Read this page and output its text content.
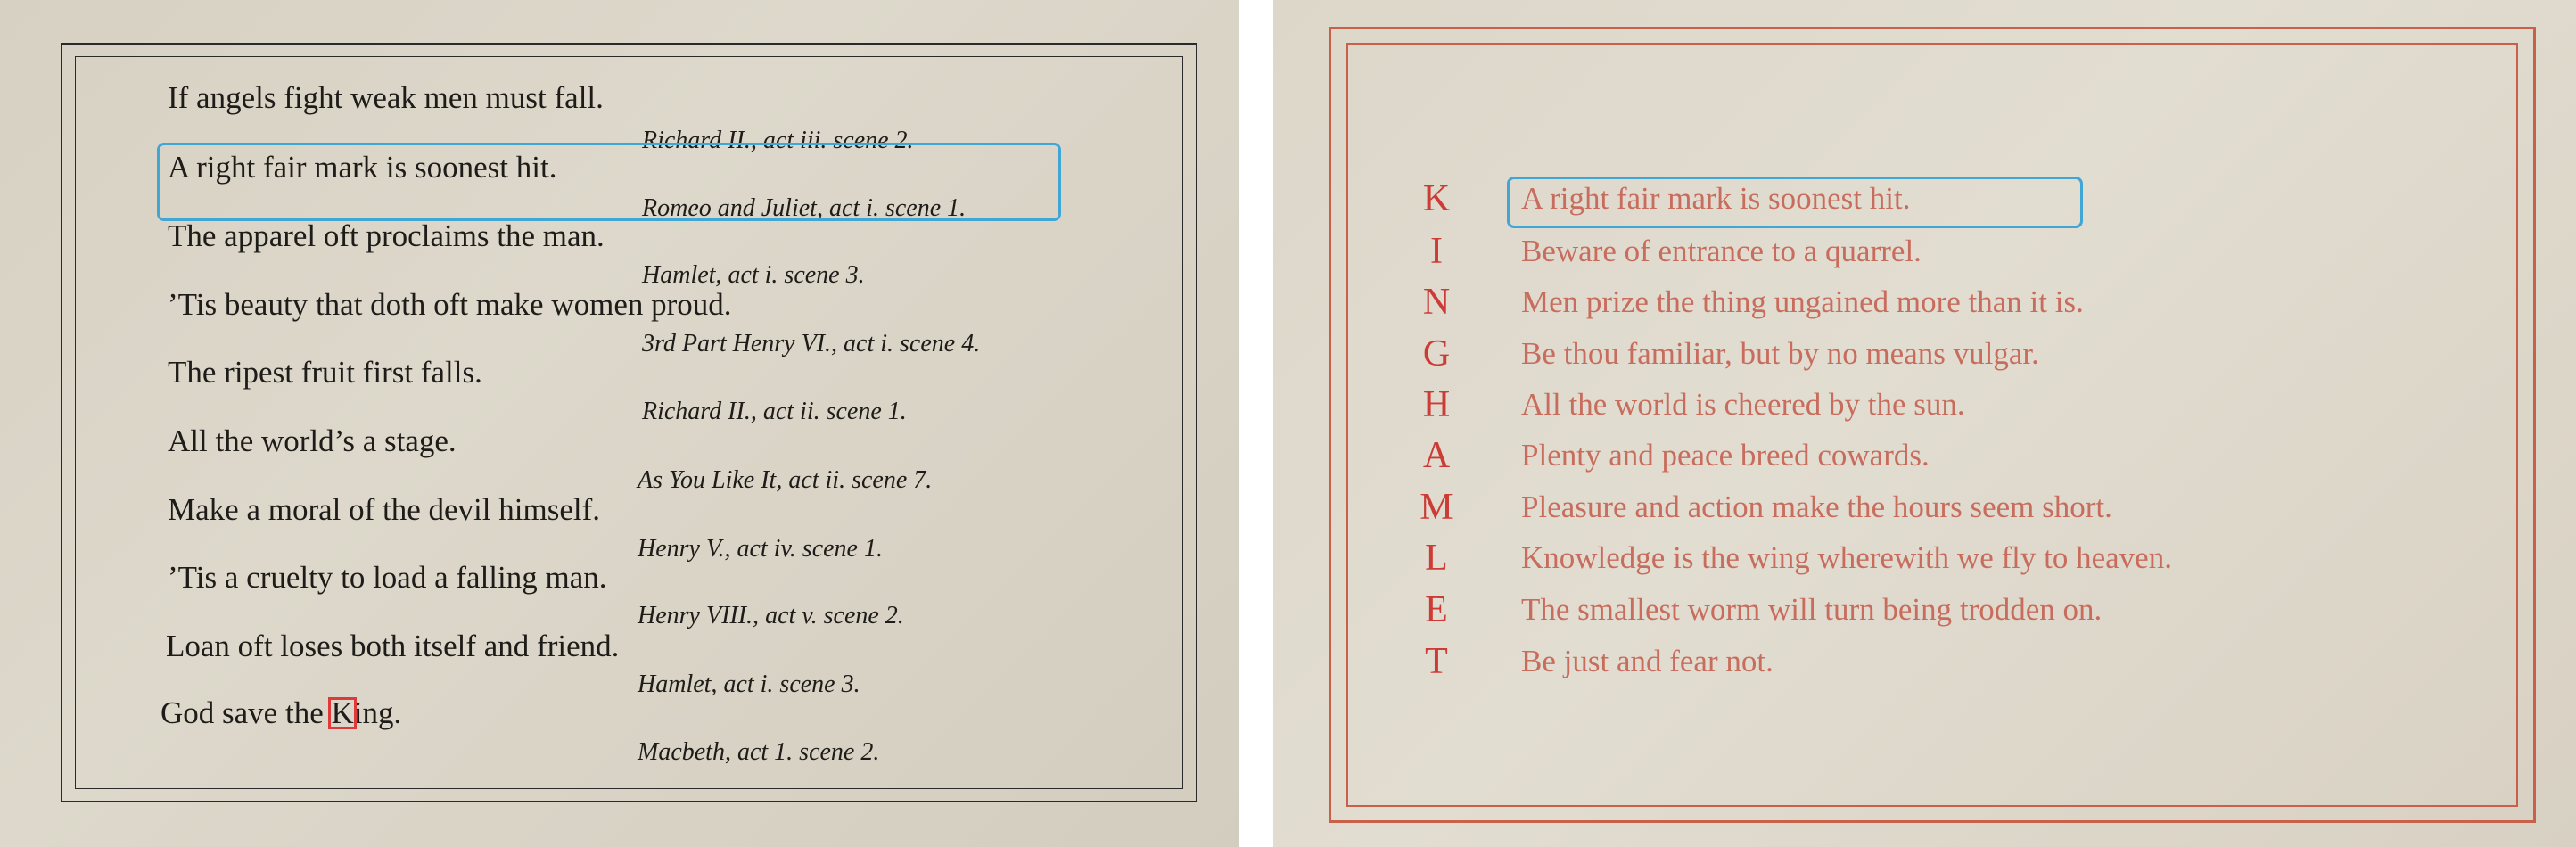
If angels fight weak men must fall.
Richard II., act iii. scene 2.
A right fair mark is soonest hit.
Romeo and Juliet, act i. scene 1.
The apparel oft proclaims the man.
Hamlet, act i. scene 3.
’Tis beauty that doth oft make women proud.
3rd Part Henry VI., act i. scene 4.
The ripest fruit first falls.
Richard II., act ii. scene 1.
All the world’s a stage.
As You Like It, act ii. scene 7.
Make a moral of the devil himself.
Henry V., act iv. scene 1.
’Tis a cruelty to load a falling man.
Henry VIII., act v. scene 2.
Loan oft loses both itself and friend.
Hamlet, act i. scene 3.
God save the K
ing.
Macbeth, act 1. scene 2.
K	A right fair mark is soonest hit.
I	Beware of entrance to a quarrel.
N	Men prize the thing ungained more than it is.
G	Be thou familiar, but by no means vulgar.
H	All the world is cheered by the sun.
A	Plenty and peace breed cowards.
M	Pleasure and action make the hours seem short.
L	Knowledge is the wing wherewith we fly to heaven.
E	The smallest worm will turn being trodden on.
T	Be just and fear not.
